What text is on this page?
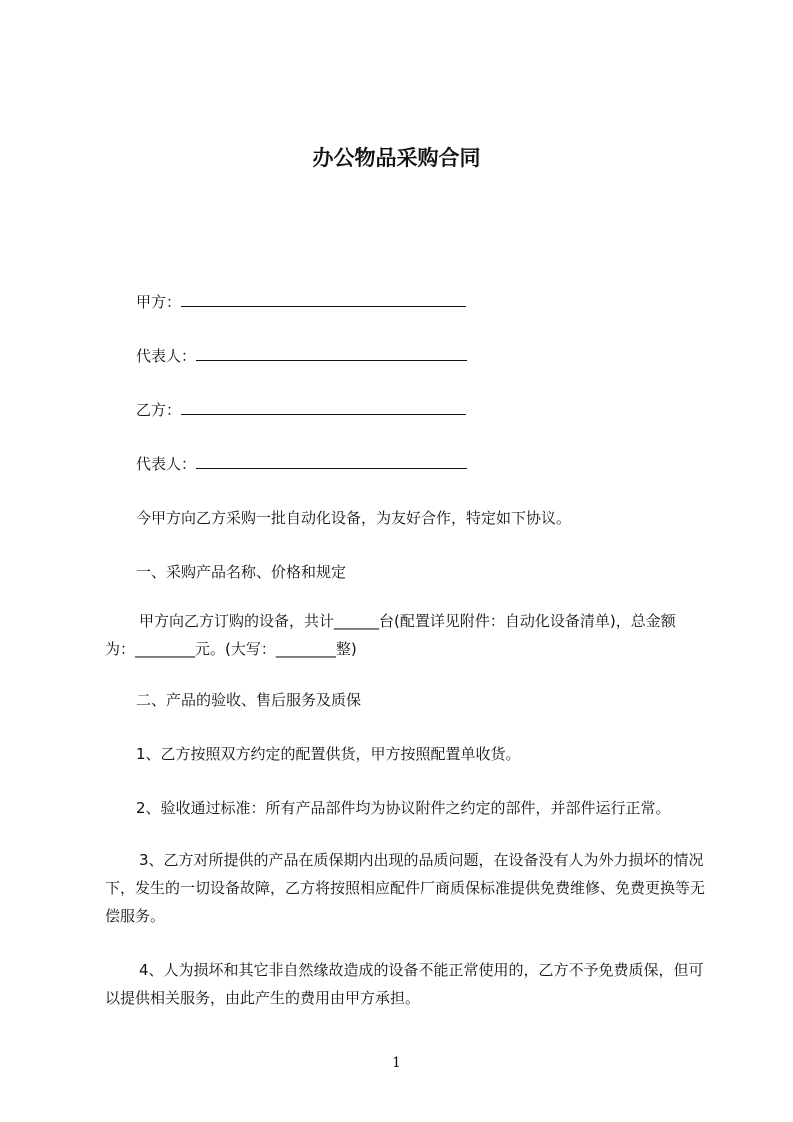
办公物品采购合同

甲方：

代表人：

乙方：

代表人：

今甲方向乙方采购一批自动化设备，为友好合作，特定如下协议。

一、采购产品名称、价格和规定

甲方向乙方订购的设备，共计______台(配置详见附件：自动化设备清单)，总金额为：________元。(大写：________整)

二、产品的验收、售后服务及质保

1、乙方按照双方约定的配置供货，甲方按照配置单收货。

2、验收通过标准：所有产品部件均为协议附件之约定的部件，并部件运行正常。

3、乙方对所提供的产品在质保期内出现的品质问题，在设备没有人为外力损坏的情况下，发生的一切设备故障，乙方将按照相应配件厂商质保标准提供免费维修、免费更换等无偿服务。

4、人为损坏和其它非自然缘故造成的设备不能正常使用的，乙方不予免费质保，但可以提供相关服务，由此产生的费用由甲方承担。

1
